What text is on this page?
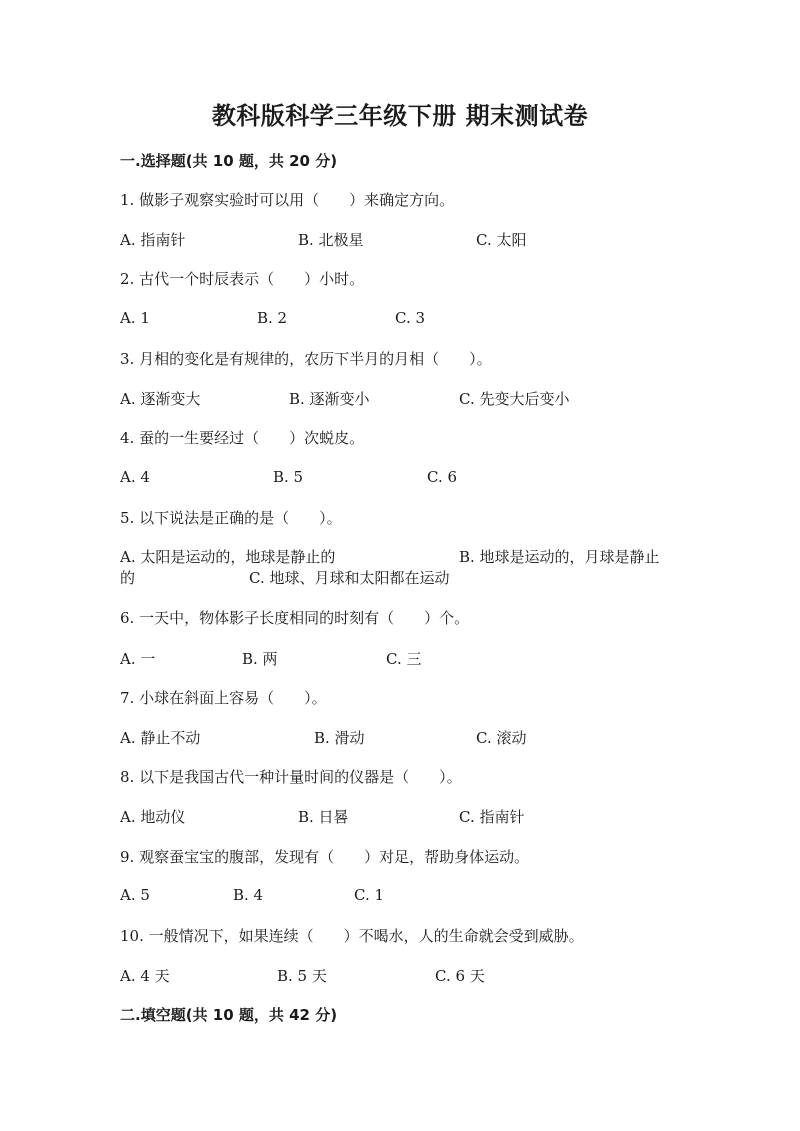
教科版科学三年级下册 期末测试卷
一.选择题(共 10 题，共 20 分)
1. 做影子观察实验时可以用（　　）来确定方向。
A. 指南针	B. 北极星	C. 太阳
2. 古代一个时辰表示（　　）小时。
A. 1	B. 2	C. 3
3. 月相的变化是有规律的，农历下半月的月相（　　）。
A. 逐渐变大	B. 逐渐变小	C. 先变大后变小
4. 蚕的一生要经过（　　）次蜕皮。
A. 4	B. 5	C. 6
5. 以下说法是正确的是（　　）。
A. 太阳是运动的，地球是静止的	B. 地球是运动的，月球是静止
的	C. 地球、月球和太阳都在运动
6. 一天中，物体影子长度相同的时刻有（　　）个。
A. 一	B. 两	C. 三
7. 小球在斜面上容易（　　）。
A. 静止不动	B. 滑动	C. 滚动
8. 以下是我国古代一种计量时间的仪器是（　　）。
A. 地动仪	B. 日晷	C. 指南针
9. 观察蚕宝宝的腹部，发现有（　　）对足，帮助身体运动。
A. 5	B. 4	C. 1
10. 一般情况下，如果连续（　　）不喝水，人的生命就会受到威胁。
A. 4 天	B. 5 天	C. 6 天
二.填空题(共 10 题，共 42 分)
